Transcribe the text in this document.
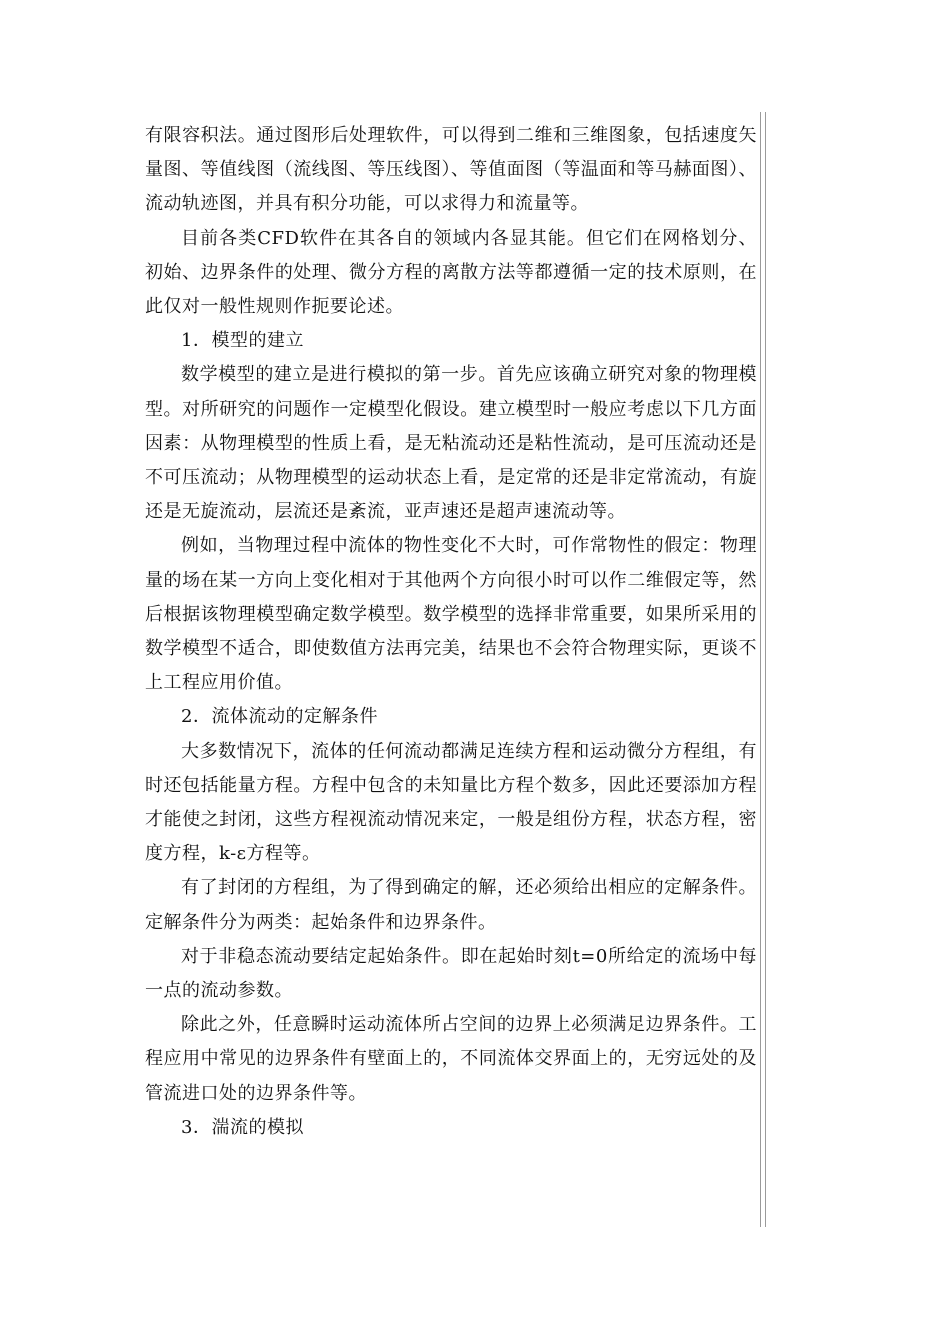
有限容积法。通过图形后处理软件，可以得到二维和三维图象，包括速度矢量图、等值线图（流线图、等压线图）、等值面图（等温面和等马赫面图）、流动轨迹图，并具有积分功能，可以求得力和流量等。

目前各类CFD软件在其各自的领域内各显其能。但它们在网格划分、初始、边界条件的处理、微分方程的离散方法等都遵循一定的技术原则，在此仅对一般性规则作扼要论述。

1．模型的建立

数学模型的建立是进行模拟的第一步。首先应该确立研究对象的物理模型。对所研究的问题作一定模型化假设。建立模型时一般应考虑以下几方面因素：从物理模型的性质上看，是无粘流动还是粘性流动，是可压流动还是不可压流动；从物理模型的运动状态上看，是定常的还是非定常流动，有旋还是无旋流动，层流还是紊流，亚声速还是超声速流动等。

例如，当物理过程中流体的物性变化不大时，可作常物性的假定：物理量的场在某一方向上变化相对于其他两个方向很小时可以作二维假定等，然后根据该物理模型确定数学模型。数学模型的选择非常重要，如果所采用的数学模型不适合，即使数值方法再完美，结果也不会符合物理实际，更谈不上工程应用价值。

2．流体流动的定解条件

大多数情况下，流体的任何流动都满足连续方程和运动微分方程组，有时还包括能量方程。方程中包含的未知量比方程个数多，因此还要添加方程才能使之封闭，这些方程视流动情况来定，一般是组份方程，状态方程，密度方程，k-ε方程等。

有了封闭的方程组，为了得到确定的解，还必须给出相应的定解条件。定解条件分为两类：起始条件和边界条件。

对于非稳态流动要结定起始条件。即在起始时刻t=0所给定的流场中每一点的流动参数。

除此之外，任意瞬时运动流体所占空间的边界上必须满足边界条件。工程应用中常见的边界条件有壁面上的，不同流体交界面上的，无穷远处的及管流进口处的边界条件等。

3．湍流的模拟
